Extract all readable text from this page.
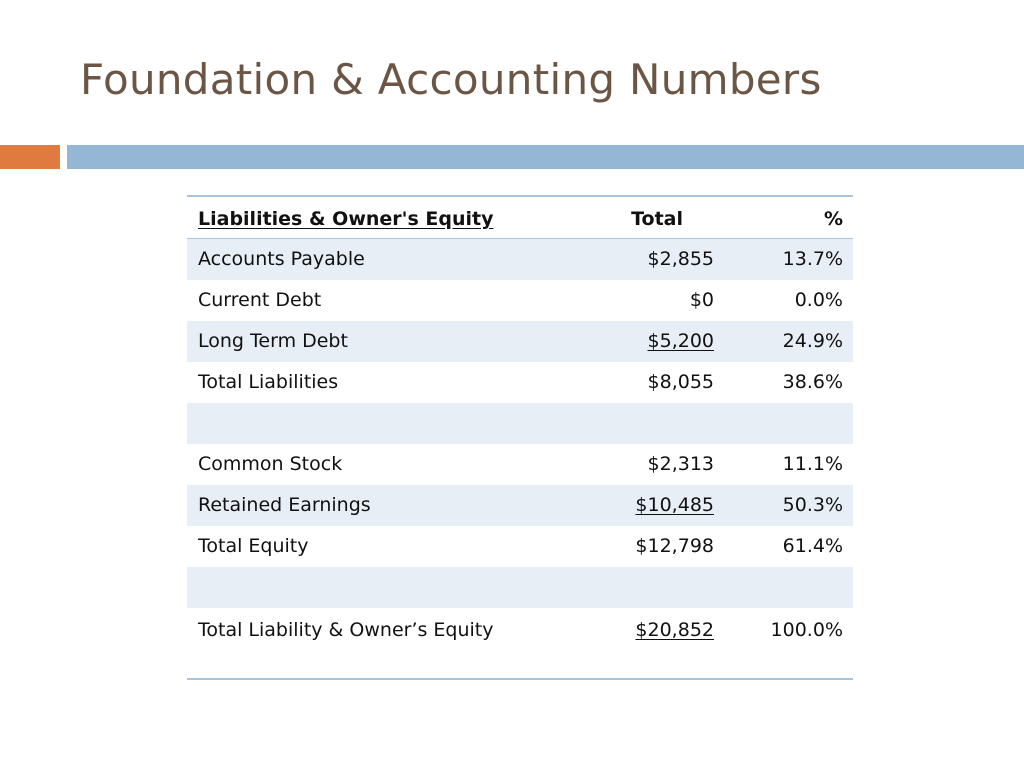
Foundation & Accounting Numbers
Liabilities & Owner's Equity	Total	%
Accounts Payable	$2,855	13.7%
Current Debt	$0	0.0%
Long Term Debt	$5,200	24.9%
Total Liabilities	$8,055	38.6%
Common Stock	$2,313	11.1%
Retained Earnings	$10,485	50.3%
Total Equity	$12,798	61.4%
Total Liability & Owner’s Equity	$20,852	100.0%
